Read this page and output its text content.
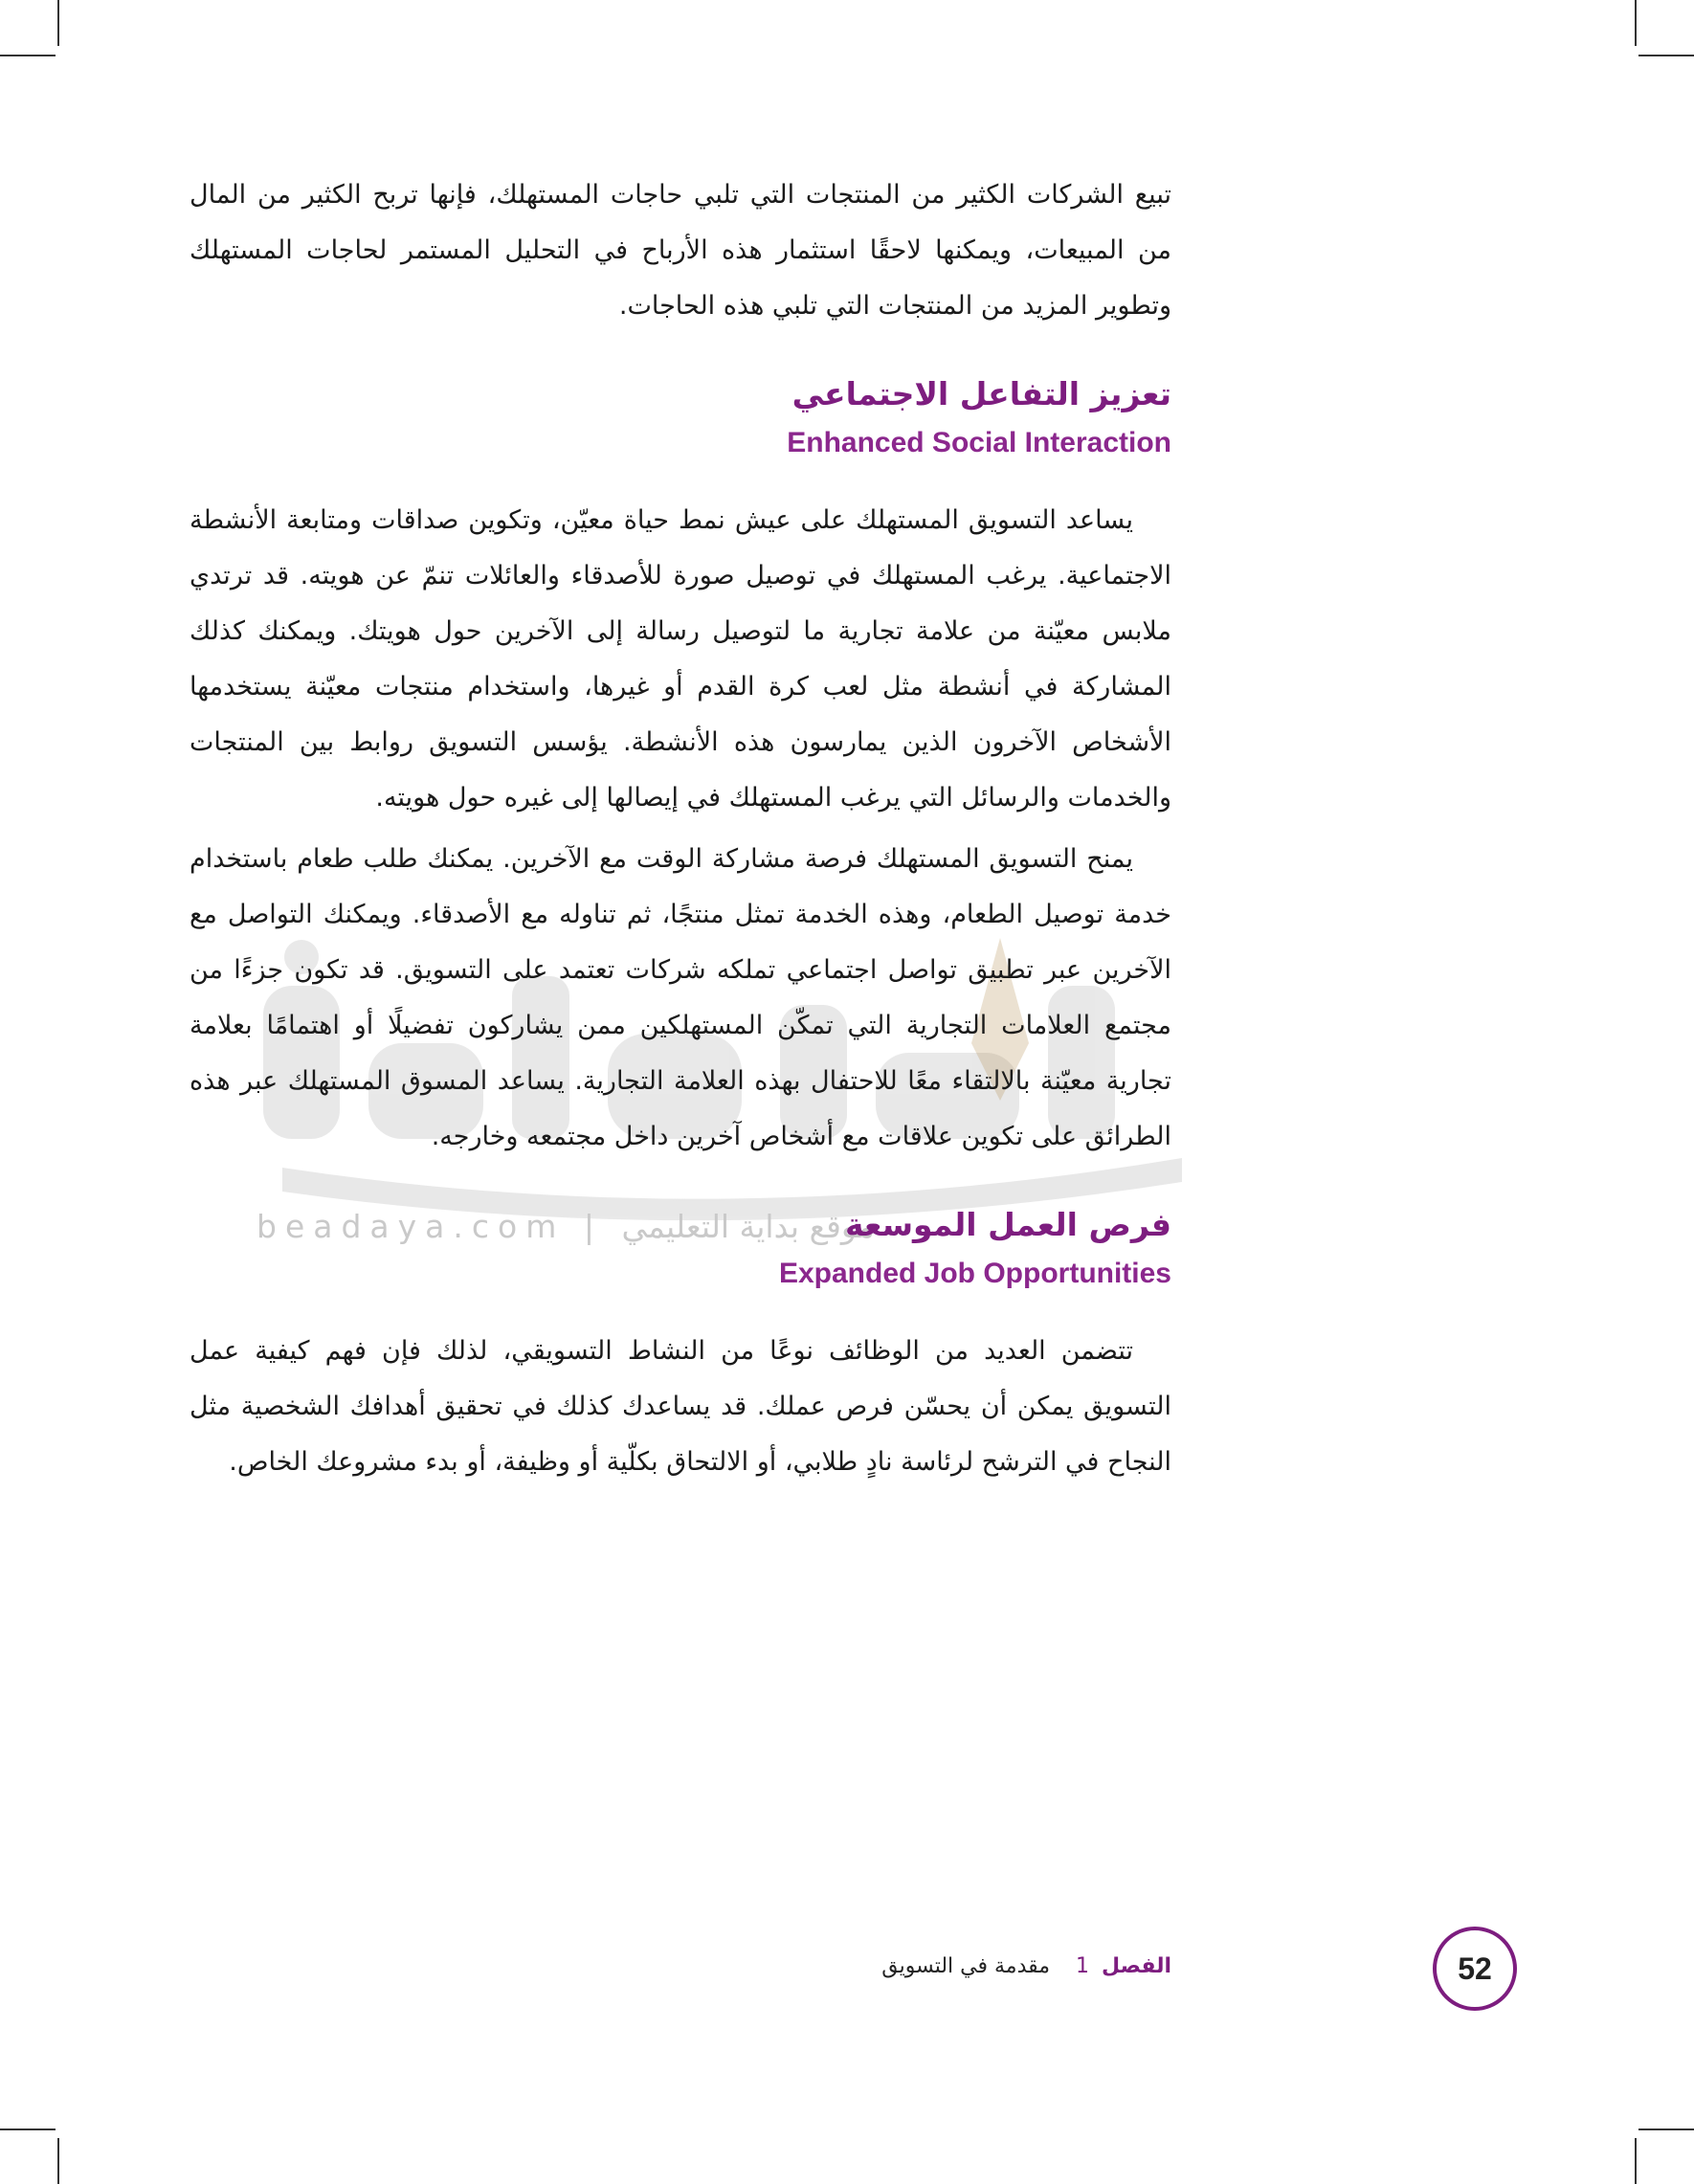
beadaya.com | موقع بداية التعليمي

تبيع الشركات الكثير من المنتجات التي تلبي حاجات المستهلك، فإنها تربح الكثير من المال من المبيعات، ويمكنها لاحقًا استثمار هذه الأرباح في التحليل المستمر لحاجات المستهلك وتطوير المزيد من المنتجات التي تلبي هذه الحاجات.

تعزيز التفاعل الاجتماعي
Enhanced Social Interaction

يساعد التسويق المستهلك على عيش نمط حياة معيّن، وتكوين صداقات ومتابعة الأنشطة الاجتماعية. يرغب المستهلك في توصيل صورة للأصدقاء والعائلات تنمّ عن هويته. قد ترتدي ملابس معيّنة من علامة تجارية ما لتوصيل رسالة إلى الآخرين حول هويتك. ويمكنك كذلك المشاركة في أنشطة مثل لعب كرة القدم أو غيرها، واستخدام منتجات معيّنة يستخدمها الأشخاص الآخرون الذين يمارسون هذه الأنشطة. يؤسس التسويق روابط بين المنتجات والخدمات والرسائل التي يرغب المستهلك في إيصالها إلى غيره حول هويته.

يمنح التسويق المستهلك فرصة مشاركة الوقت مع الآخرين. يمكنك طلب طعام باستخدام خدمة توصيل الطعام، وهذه الخدمة تمثل منتجًا، ثم تناوله مع الأصدقاء. ويمكنك التواصل مع الآخرين عبر تطبيق تواصل اجتماعي تملكه شركات تعتمد على التسويق. قد تكون جزءًا من مجتمع العلامات التجارية التي تمكّن المستهلكين ممن يشاركون تفضيلًا أو اهتمامًا بعلامة تجارية معيّنة بالالتقاء معًا للاحتفال بهذه العلامة التجارية. يساعد المسوق المستهلك عبر هذه الطرائق على تكوين علاقات مع أشخاص آخرين داخل مجتمعه وخارجه.

فرص العمل الموسعة
Expanded Job Opportunities

تتضمن العديد من الوظائف نوعًا من النشاط التسويقي، لذلك فإن فهم كيفية عمل التسويق يمكن أن يحسّن فرص عملك. قد يساعدك كذلك في تحقيق أهدافك الشخصية مثل النجاح في الترشح لرئاسة نادٍ طلابي، أو الالتحاق بكلّية أو وظيفة، أو بدء مشروعك الخاص.

52
الفصل 1 مقدمة في التسويق
